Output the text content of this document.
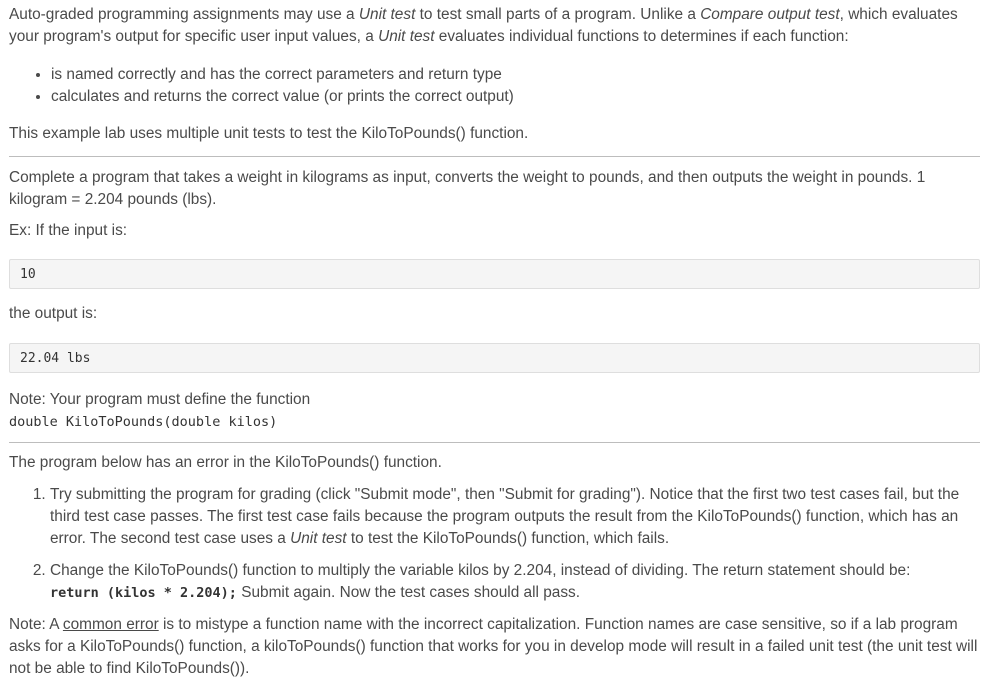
Auto-graded programming assignments may use a Unit test to test small parts of a program. Unlike a Compare output test, which evaluates your program's output for specific user input values, a Unit test evaluates individual functions to determines if each function:

• is named correctly and has the correct parameters and return type
• calculates and returns the correct value (or prints the correct output)

This example lab uses multiple unit tests to test the KiloToPounds() function.

Complete a program that takes a weight in kilograms as input, converts the weight to pounds, and then outputs the weight in pounds. 1 kilogram = 2.204 pounds (lbs).

Ex: If the input is:

10

the output is:

22.04 lbs

Note: Your program must define the function

double KiloToPounds(double kilos)

The program below has an error in the KiloToPounds() function.

1. Try submitting the program for grading (click "Submit mode", then "Submit for grading"). Notice that the first two test cases fail, but the third test case passes. The first test case fails because the program outputs the result from the KiloToPounds() function, which has an error. The second test case uses a Unit test to test the KiloToPounds() function, which fails.
2. Change the KiloToPounds() function to multiply the variable kilos by 2.204, instead of dividing. The return statement should be:
return (kilos * 2.204); Submit again. Now the test cases should all pass.

Note: A common error is to mistype a function name with the incorrect capitalization. Function names are case sensitive, so if a lab program asks for a KiloToPounds() function, a kiloToPounds() function that works for you in develop mode will result in a failed unit test (the unit test will not be able to find KiloToPounds()).
